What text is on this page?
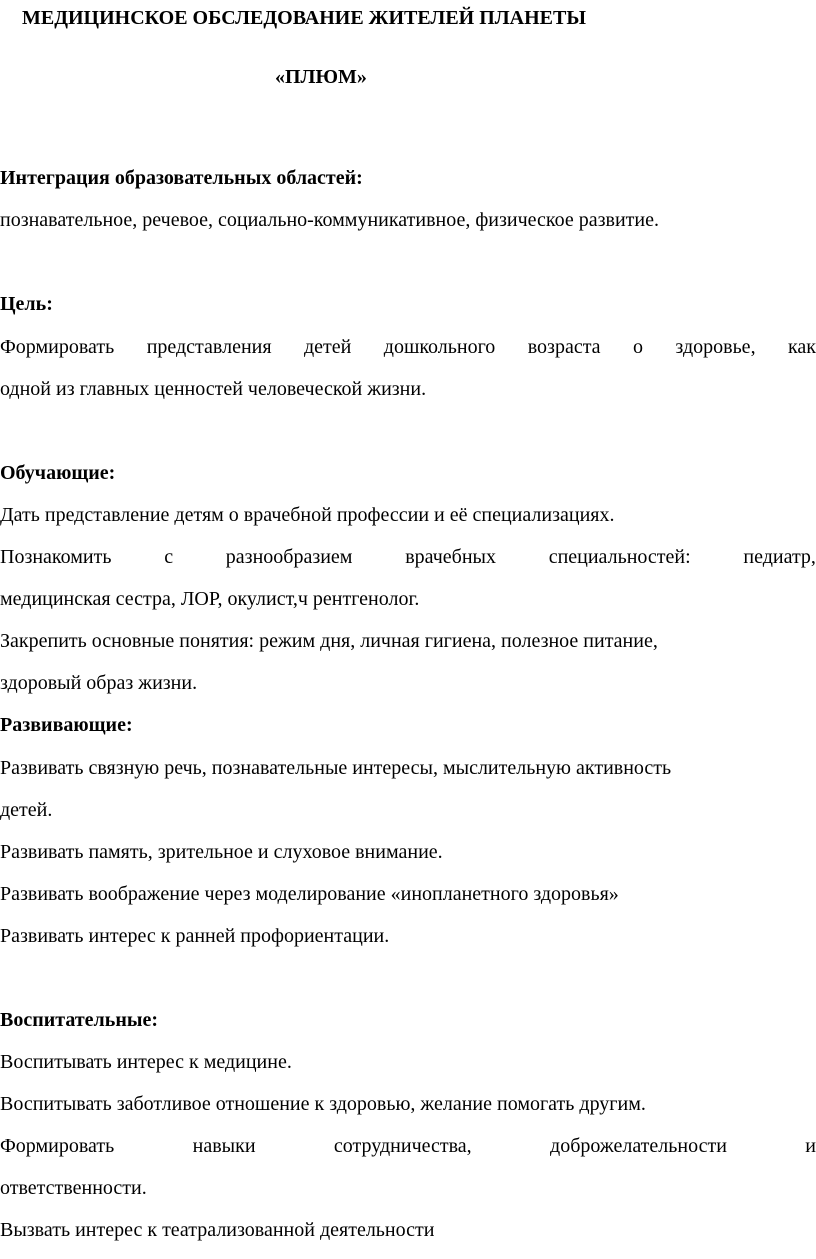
МЕДИЦИНСКОЕ ОБСЛЕДОВАНИЕ ЖИТЕЛЕЙ ПЛАНЕТЫ
«ПЛЮМ»
Интеграция образовательных областей:
познавательное, речевое, социально-коммуникативное, физическое развитие.
Цель:
Формировать представления детей дошкольного возраста о здоровье, как
одной из главных ценностей человеческой жизни.
Обучающие:
Дать представление детям о врачебной профессии и её специализациях.
Познакомить	с	разнообразием	врачебных	специальностей:	педиатр,
медицинская сестра, ЛОР, окулист,ч рентгенолог.
Закрепить основные понятия: режим дня, личная гигиена, полезное питание,
здоровый образ жизни.
Развивающие:
Развивать связную речь, познавательные интересы, мыслительную активность
детей.
Развивать память, зрительное и слуховое внимание.
Развивать воображение через моделирование «инопланетного здоровья»
Развивать интерес к ранней профориентации.
Воспитательные:
Воспитывать интерес к медицине.
Воспитывать заботливое отношение к здоровью, желание помогать другим.
Формировать	навыки	сотрудничества,	доброжелательности	и
ответственности.
Вызвать интерес к театрализованной деятельности
